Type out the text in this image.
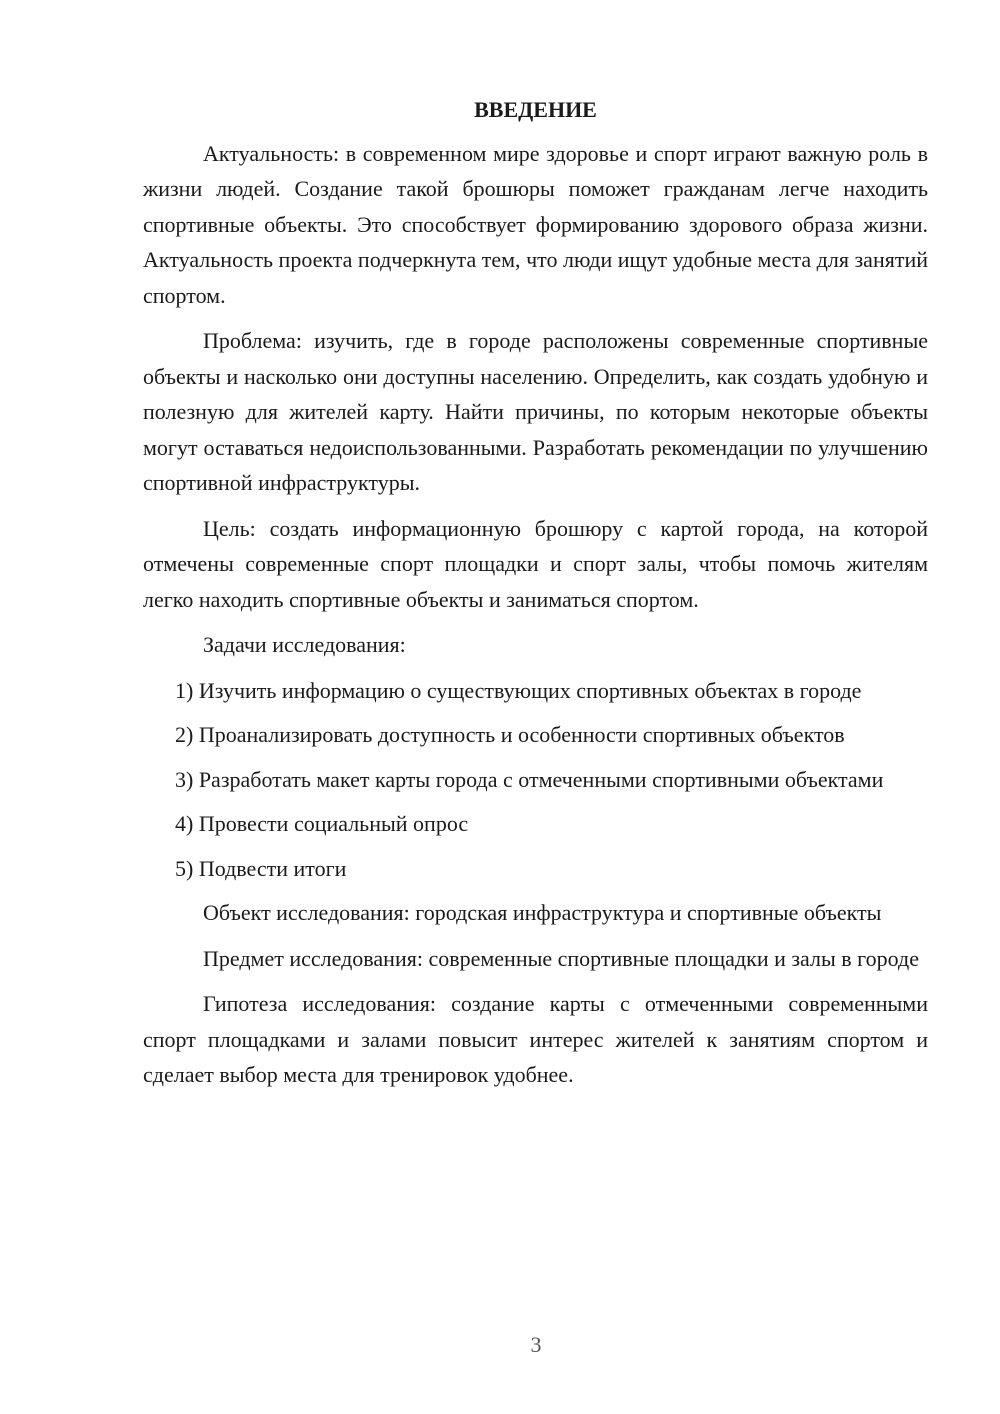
ВВЕДЕНИЕ

Актуальность: в современном мире здоровье и спорт играют важную роль в жизни людей. Создание такой брошюры поможет гражданам легче находить спортивные объекты. Это способствует формированию здорового образа жизни. Актуальность проекта подчеркнута тем, что люди ищут удобные места для занятий спортом.

Проблема: изучить, где в городе расположены современные спортивные объекты и насколько они доступны населению. Определить, как создать удобную и полезную для жителей карту. Найти причины, по которым некоторые объекты могут оставаться недоиспользованными. Разработать рекомендации по улучшению спортивной инфраструктуры.

Цель: создать информационную брошюру с картой города, на которой отмечены современные спорт площадки и спорт залы, чтобы помочь жителям легко находить спортивные объекты и заниматься спортом.

Задачи исследования:

1) Изучить информацию о существующих спортивных объектах в городе

2) Проанализировать доступность и особенности спортивных объектов

3) Разработать макет карты города с отмеченными спортивными объектами

4) Провести социальный опрос

5) Подвести итоги

Объект исследования: городская инфраструктура и спортивные объекты

Предмет исследования: современные спортивные площадки и залы в городе

Гипотеза исследования: создание карты с отмеченными современными спорт площадками и залами повысит интерес жителей к занятиям спортом и сделает выбор места для тренировок удобнее.

3
